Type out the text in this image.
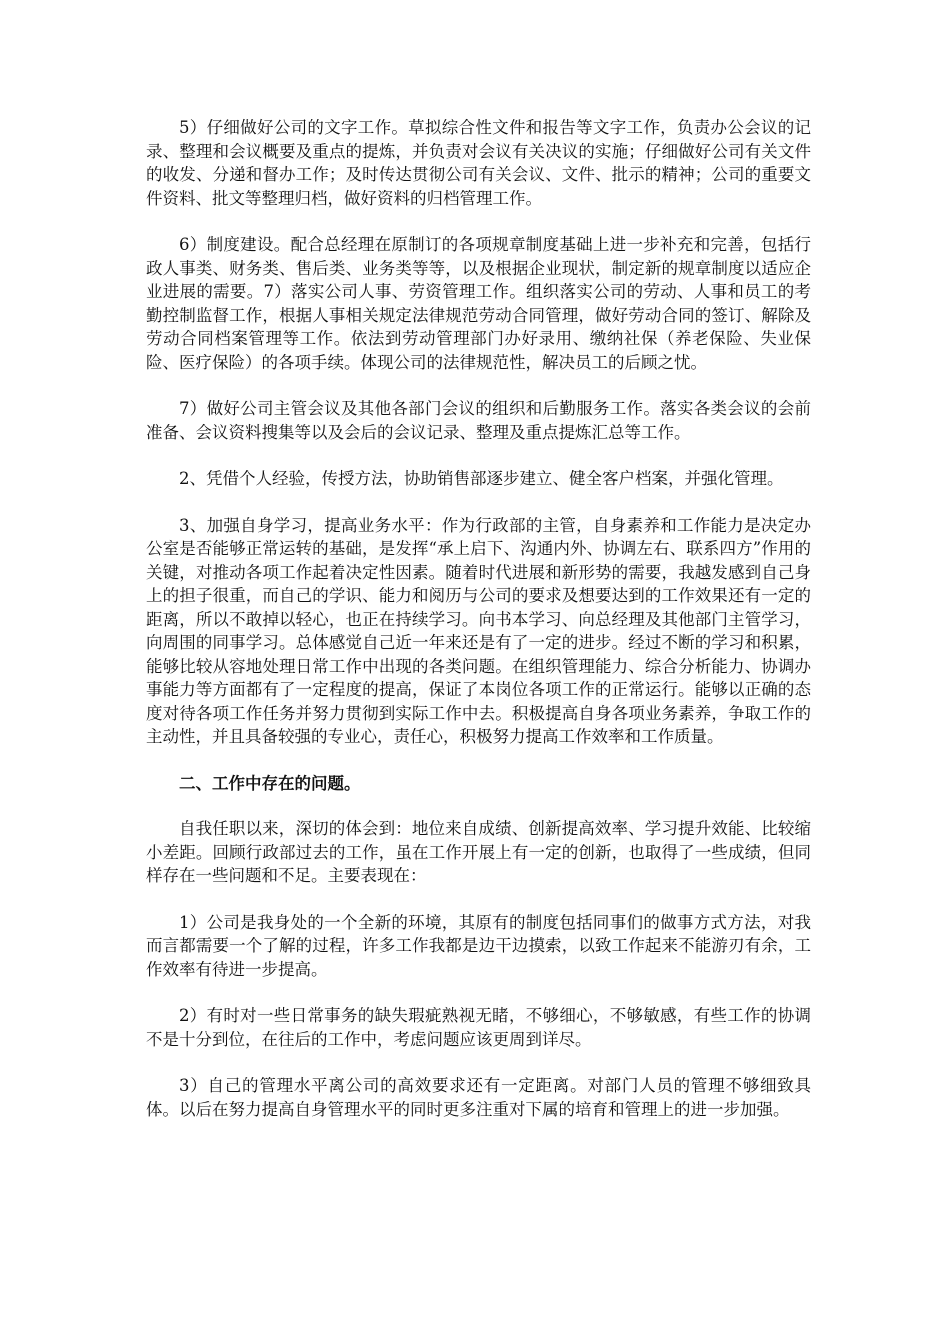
5）仔细做好公司的文字工作。草拟综合性文件和报告等文字工作，负责办公会议的记录、整理和会议概要及重点的提炼，并负责对会议有关决议的实施；仔细做好公司有关文件的收发、分递和督办工作；及时传达贯彻公司有关会议、文件、批示的精神；公司的重要文件资料、批文等整理归档，做好资料的归档管理工作。

6）制度建设。配合总经理在原制订的各项规章制度基础上进一步补充和完善，包括行政人事类、财务类、售后类、业务类等等，以及根据企业现状，制定新的规章制度以适应企业进展的需要。7）落实公司人事、劳资管理工作。组织落实公司的劳动、人事和员工的考勤控制监督工作，根据人事相关规定法律规范劳动合同管理，做好劳动合同的签订、解除及劳动合同档案管理等工作。依法到劳动管理部门办好录用、缴纳社保（养老保险、失业保险、医疗保险）的各项手续。体现公司的法律规范性，解决员工的后顾之忧。

7）做好公司主管会议及其他各部门会议的组织和后勤服务工作。落实各类会议的会前准备、会议资料搜集等以及会后的会议记录、整理及重点提炼汇总等工作。

2、凭借个人经验，传授方法，协助销售部逐步建立、健全客户档案，并强化管理。

3、加强自身学习，提高业务水平：作为行政部的主管，自身素养和工作能力是决定办公室是否能够正常运转的基础，是发挥“承上启下、沟通内外、协调左右、联系四方”作用的关键，对推动各项工作起着决定性因素。随着时代进展和新形势的需要，我越发感到自己身上的担子很重，而自己的学识、能力和阅历与公司的要求及想要达到的工作效果还有一定的距离，所以不敢掉以轻心，也正在持续学习。向书本学习、向总经理及其他部门主管学习，向周围的同事学习。总体感觉自己近一年来还是有了一定的进步。经过不断的学习和积累，能够比较从容地处理日常工作中出现的各类问题。在组织管理能力、综合分析能力、协调办事能力等方面都有了一定程度的提高，保证了本岗位各项工作的正常运行。能够以正确的态度对待各项工作任务并努力贯彻到实际工作中去。积极提高自身各项业务素养，争取工作的主动性，并且具备较强的专业心，责任心，积极努力提高工作效率和工作质量。

二、工作中存在的问题。

自我任职以来，深切的体会到：地位来自成绩、创新提高效率、学习提升效能、比较缩小差距。回顾行政部过去的工作，虽在工作开展上有一定的创新，也取得了一些成绩，但同样存在一些问题和不足。主要表现在：

1）公司是我身处的一个全新的环境，其原有的制度包括同事们的做事方式方法，对我而言都需要一个了解的过程，许多工作我都是边干边摸索，以致工作起来不能游刃有余，工作效率有待进一步提高。

2）有时对一些日常事务的缺失瑕疵熟视无睹，不够细心，不够敏感，有些工作的协调不是十分到位，在往后的工作中，考虑问题应该更周到详尽。

3）自己的管理水平离公司的高效要求还有一定距离。对部门人员的管理不够细致具体。以后在努力提高自身管理水平的同时更多注重对下属的培育和管理上的进一步加强。
